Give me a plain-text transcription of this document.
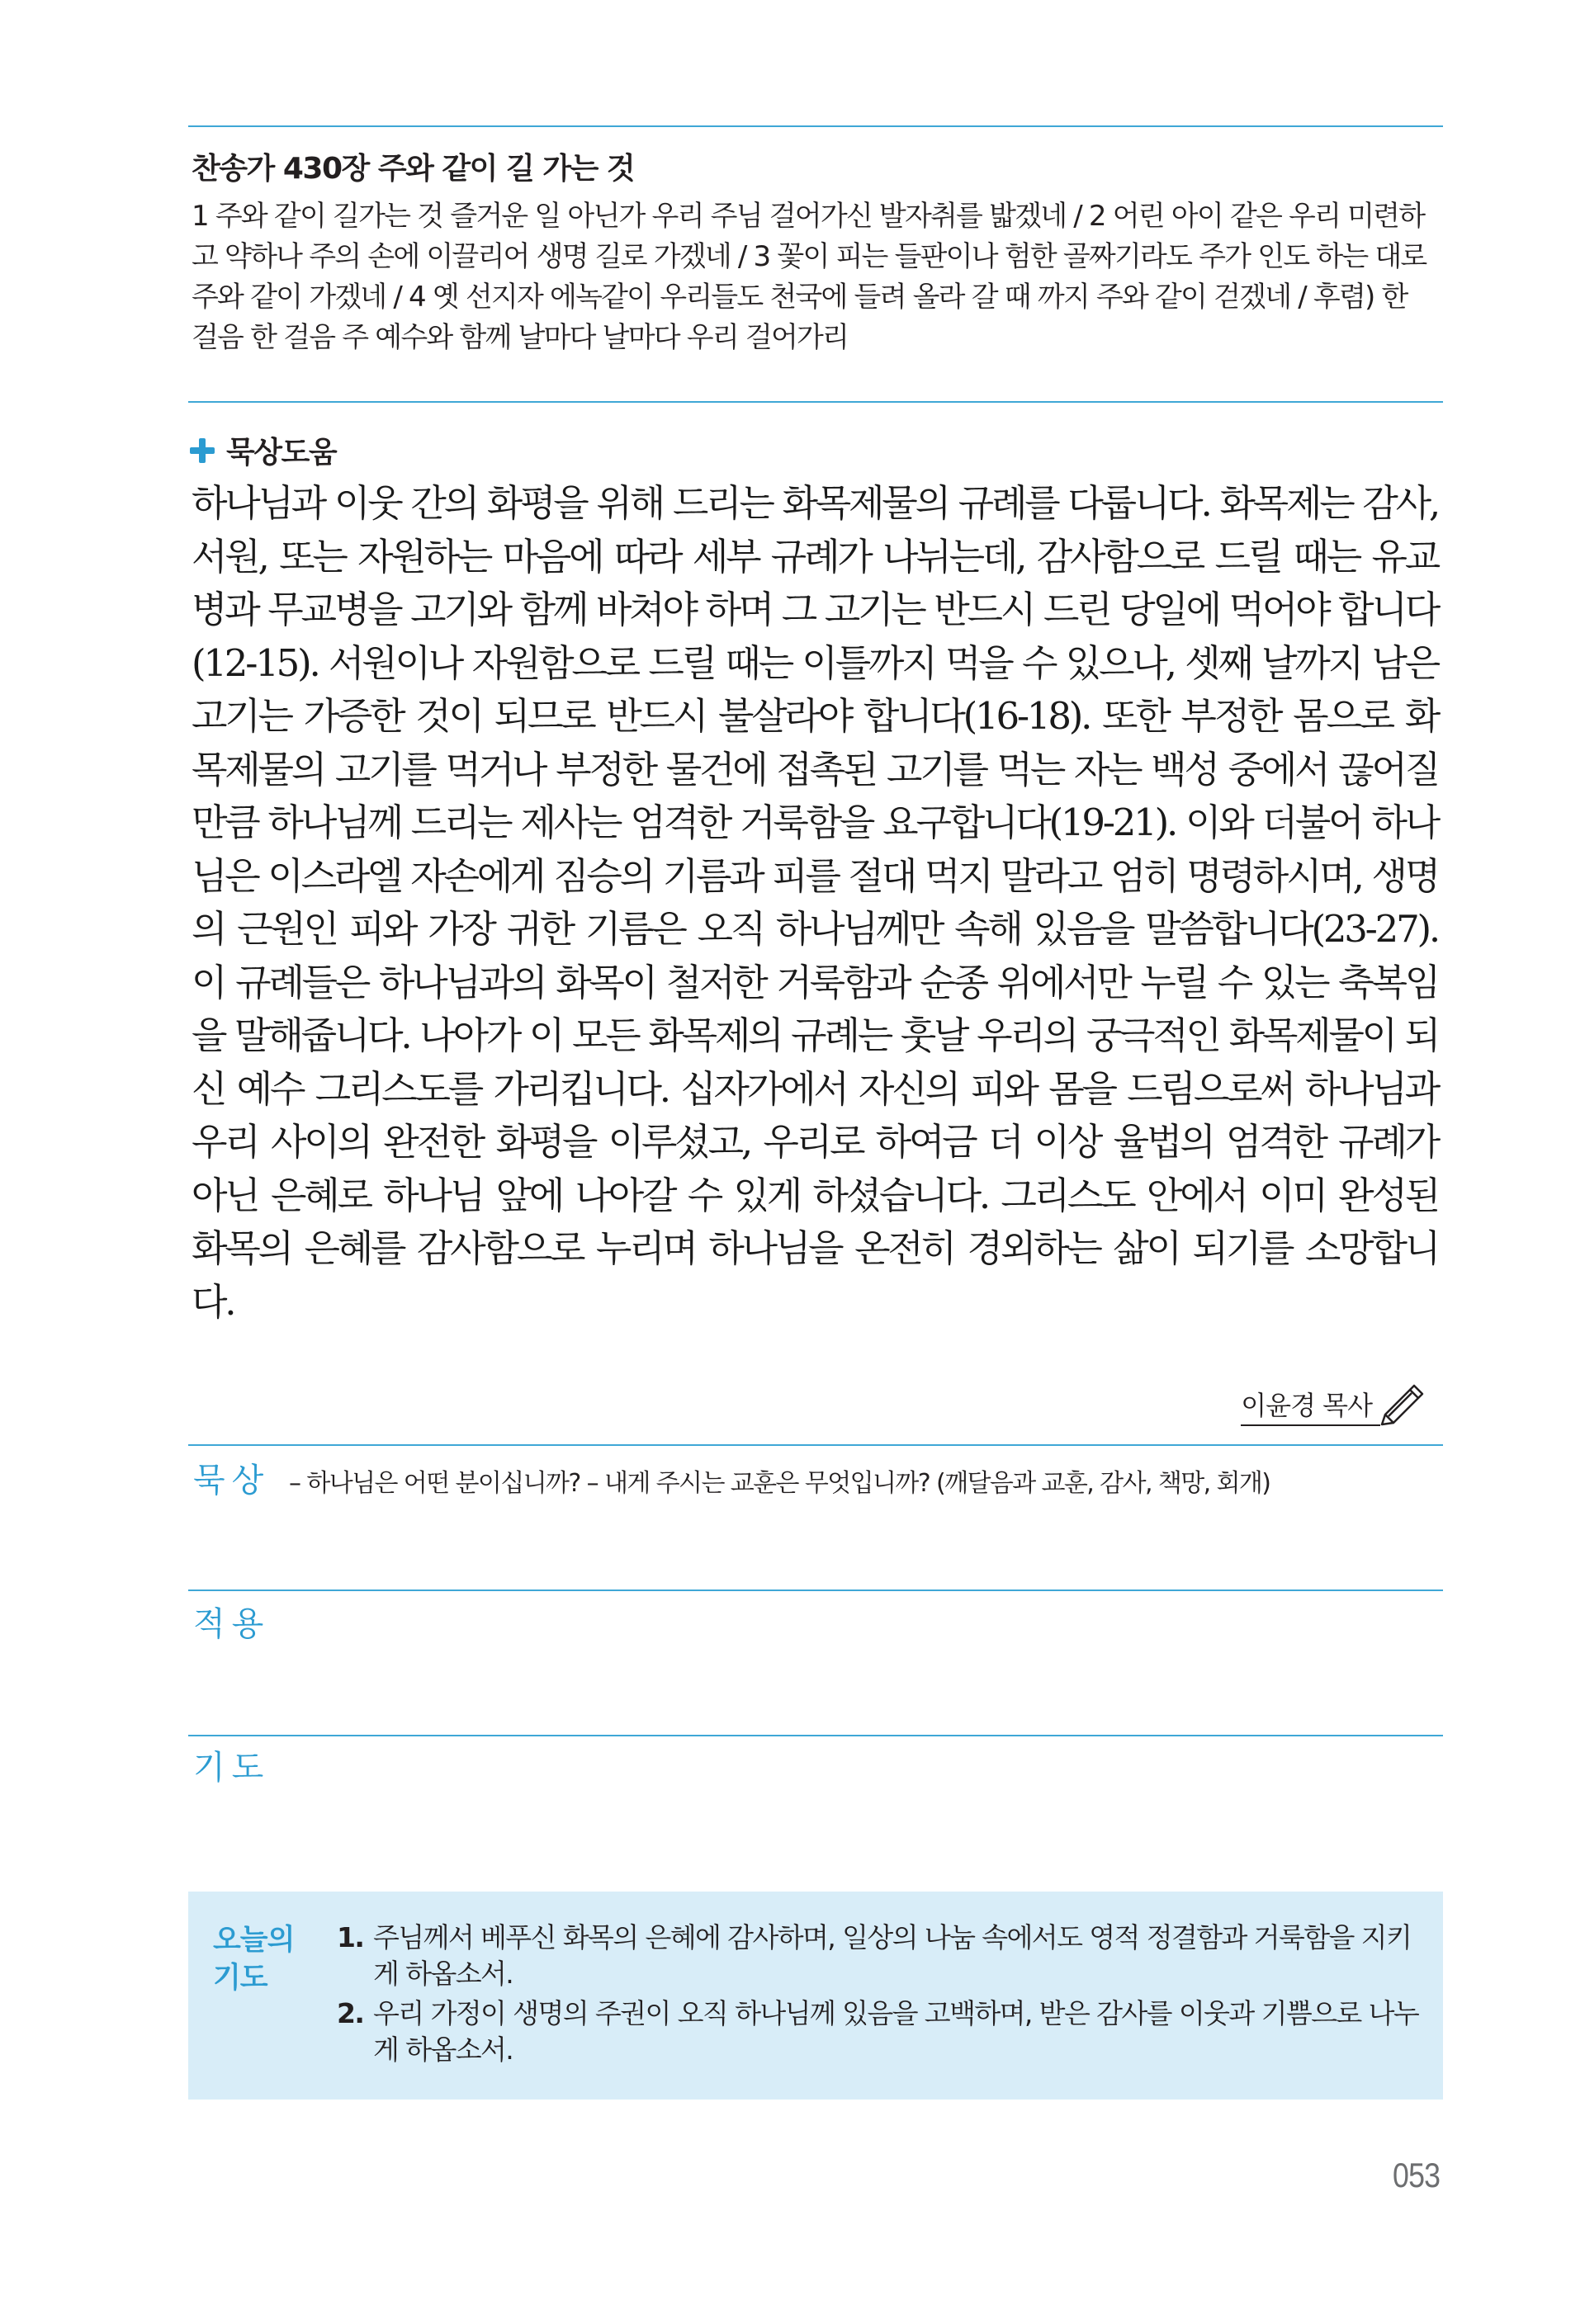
찬송가 430장 주와 같이 길 가는 것

1 주와 같이 길가는 것 즐거운 일 아닌가 우리 주님 걸어가신 발자취를 밟겠네 / 2 어린 아이 같은 우리 미련하고 약하나 주의 손에 이끌리어 생명 길로 가겠네 / 3 꽃이 피는 들판이나 험한 골짜기라도 주가 인도 하는 대로 주와 같이 가겠네 / 4 옛 선지자 에녹같이 우리들도 천국에 들려 올라 갈 때 까지 주와 같이 걷겠네 / 후렴) 한 걸음 한 걸음 주 예수와 함께 날마다 날마다 우리 걸어가리

묵상도움

하나님과 이웃 간의 화평을 위해 드리는 화목제물의 규례를 다룹니다. 화목제는 감사, 서원, 또는 자원하는 마음에 따라 세부 규례가 나뉘는데, 감사함으로 드릴 때는 유교병과 무교병을 고기와 함께 바쳐야 하며 그 고기는 반드시 드린 당일에 먹어야 합니다(12-15). 서원이나 자원함으로 드릴 때는 이틀까지 먹을 수 있으나, 셋째 날까지 남은 고기는 가증한 것이 되므로 반드시 불살라야 합니다(16-18). 또한 부정한 몸으로 화목제물의 고기를 먹거나 부정한 물건에 접촉된 고기를 먹는 자는 백성 중에서 끊어질 만큼 하나님께 드리는 제사는 엄격한 거룩함을 요구합니다(19-21). 이와 더불어 하나님은 이스라엘 자손에게 짐승의 기름과 피를 절대 먹지 말라고 엄히 명령하시며, 생명의 근원인 피와 가장 귀한 기름은 오직 하나님께만 속해 있음을 말씀합니다(23-27). 이 규례들은 하나님과의 화목이 철저한 거룩함과 순종 위에서만 누릴 수 있는 축복임을 말해줍니다. 나아가 이 모든 화목제의 규례는 훗날 우리의 궁극적인 화목제물이 되신 예수 그리스도를 가리킵니다. 십자가에서 자신의 피와 몸을 드림으로써 하나님과 우리 사이의 완전한 화평을 이루셨고, 우리로 하여금 더 이상 율법의 엄격한 규례가 아닌 은혜로 하나님 앞에 나아갈 수 있게 하셨습니다. 그리스도 안에서 이미 완성된 화목의 은혜를 감사함으로 누리며 하나님을 온전히 경외하는 삶이 되기를 소망합니다.

이윤경 목사
묵상 – 하나님은 어떤 분이십니까? – 내게 주시는 교훈은 무엇입니까? (깨달음과 교훈, 감사, 책망, 회개)
적용
기도
오늘의
기도
1. 주님께서 베푸신 화목의 은혜에 감사하며, 일상의 나눔 속에서도 영적 정결함과 거룩함을 지키게 하옵소서.
2. 우리 가정이 생명의 주권이 오직 하나님께 있음을 고백하며, 받은 감사를 이웃과 기쁨으로 나누게 하옵소서.
053
